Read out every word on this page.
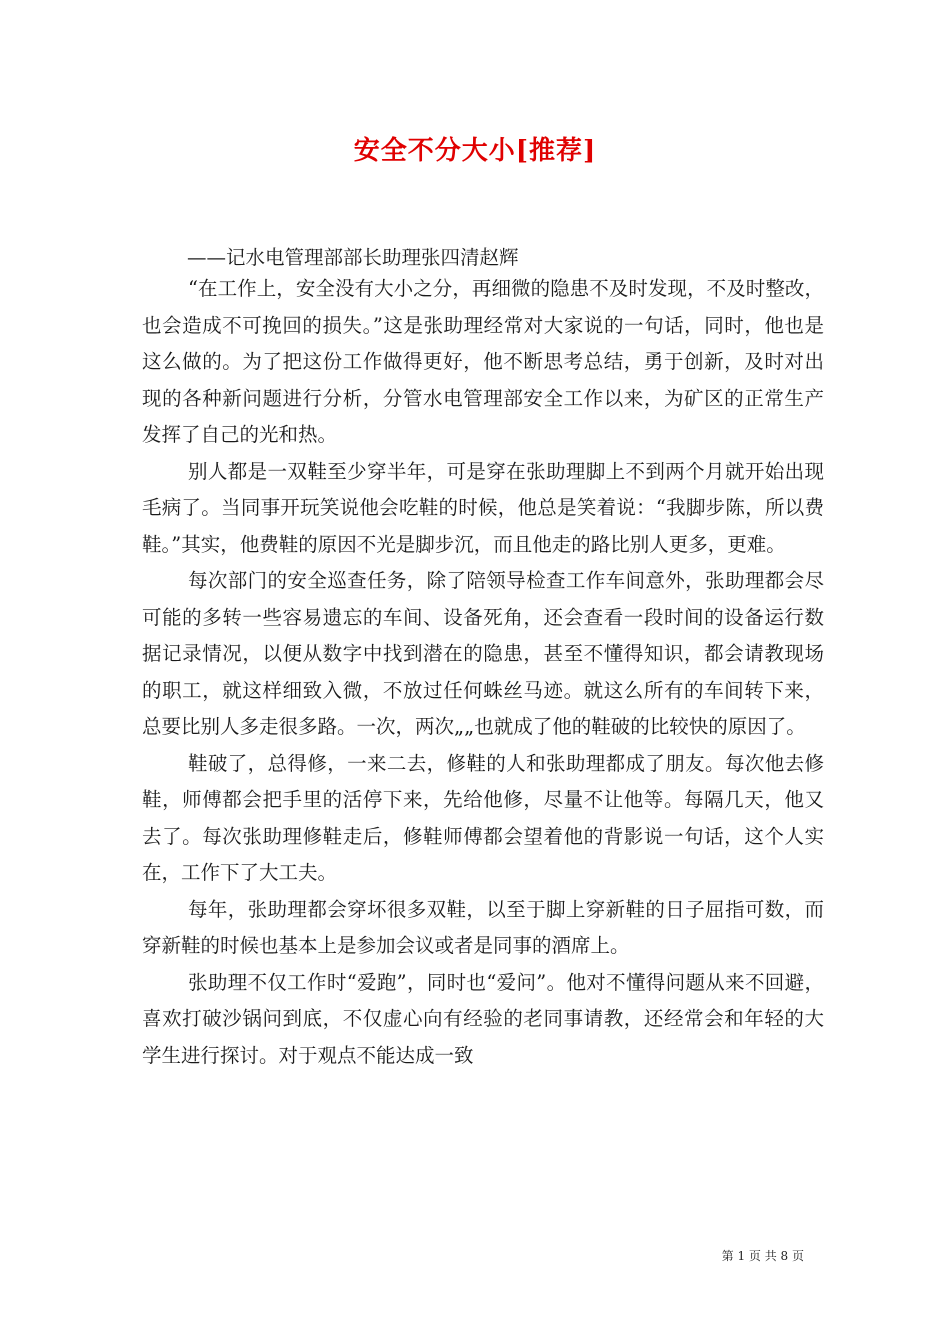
安全不分大小[推荐]
——记水电管理部部长助理张四清赵辉

“在工作上，安全没有大小之分，再细微的隐患不及时发现，不及时整改，也会造成不可挽回的损失。”这是张助理经常对大家说的一句话，同时，他也是这么做的。为了把这份工作做得更好，他不断思考总结，勇于创新，及时对出现的各种新问题进行分析，分管水电管理部安全工作以来，为矿区的正常生产发挥了自己的光和热。

别人都是一双鞋至少穿半年，可是穿在张助理脚上不到两个月就开始出现毛病了。当同事开玩笑说他会吃鞋的时候，他总是笑着说：“我脚步陈，所以费鞋。”其实，他费鞋的原因不光是脚步沉，而且他走的路比别人更多，更难。

每次部门的安全巡查任务，除了陪领导检查工作车间意外，张助理都会尽可能的多转一些容易遗忘的车间、设备死角，还会查看一段时间的设备运行数据记录情况，以便从数字中找到潜在的隐患，甚至不懂得知识，都会请教现场的职工，就这样细致入微，不放过任何蛛丝马迹。就这么所有的车间转下来，总要比别人多走很多路。一次，两次„„也就成了他的鞋破的比较快的原因了。

鞋破了，总得修，一来二去，修鞋的人和张助理都成了朋友。每次他去修鞋，师傅都会把手里的活停下来，先给他修，尽量不让他等。每隔几天，他又去了。每次张助理修鞋走后，修鞋师傅都会望着他的背影说一句话，这个人实在，工作下了大工夫。

每年，张助理都会穿坏很多双鞋，以至于脚上穿新鞋的日子屈指可数，而穿新鞋的时候也基本上是参加会议或者是同事的酒席上。

张助理不仅工作时“爱跑”，同时也“爱问”。他对不懂得问题从来不回避，喜欢打破沙锅问到底，不仅虚心向有经验的老同事请教，还经常会和年轻的大学生进行探讨。对于观点不能达成一致

第 1 页 共 8 页
